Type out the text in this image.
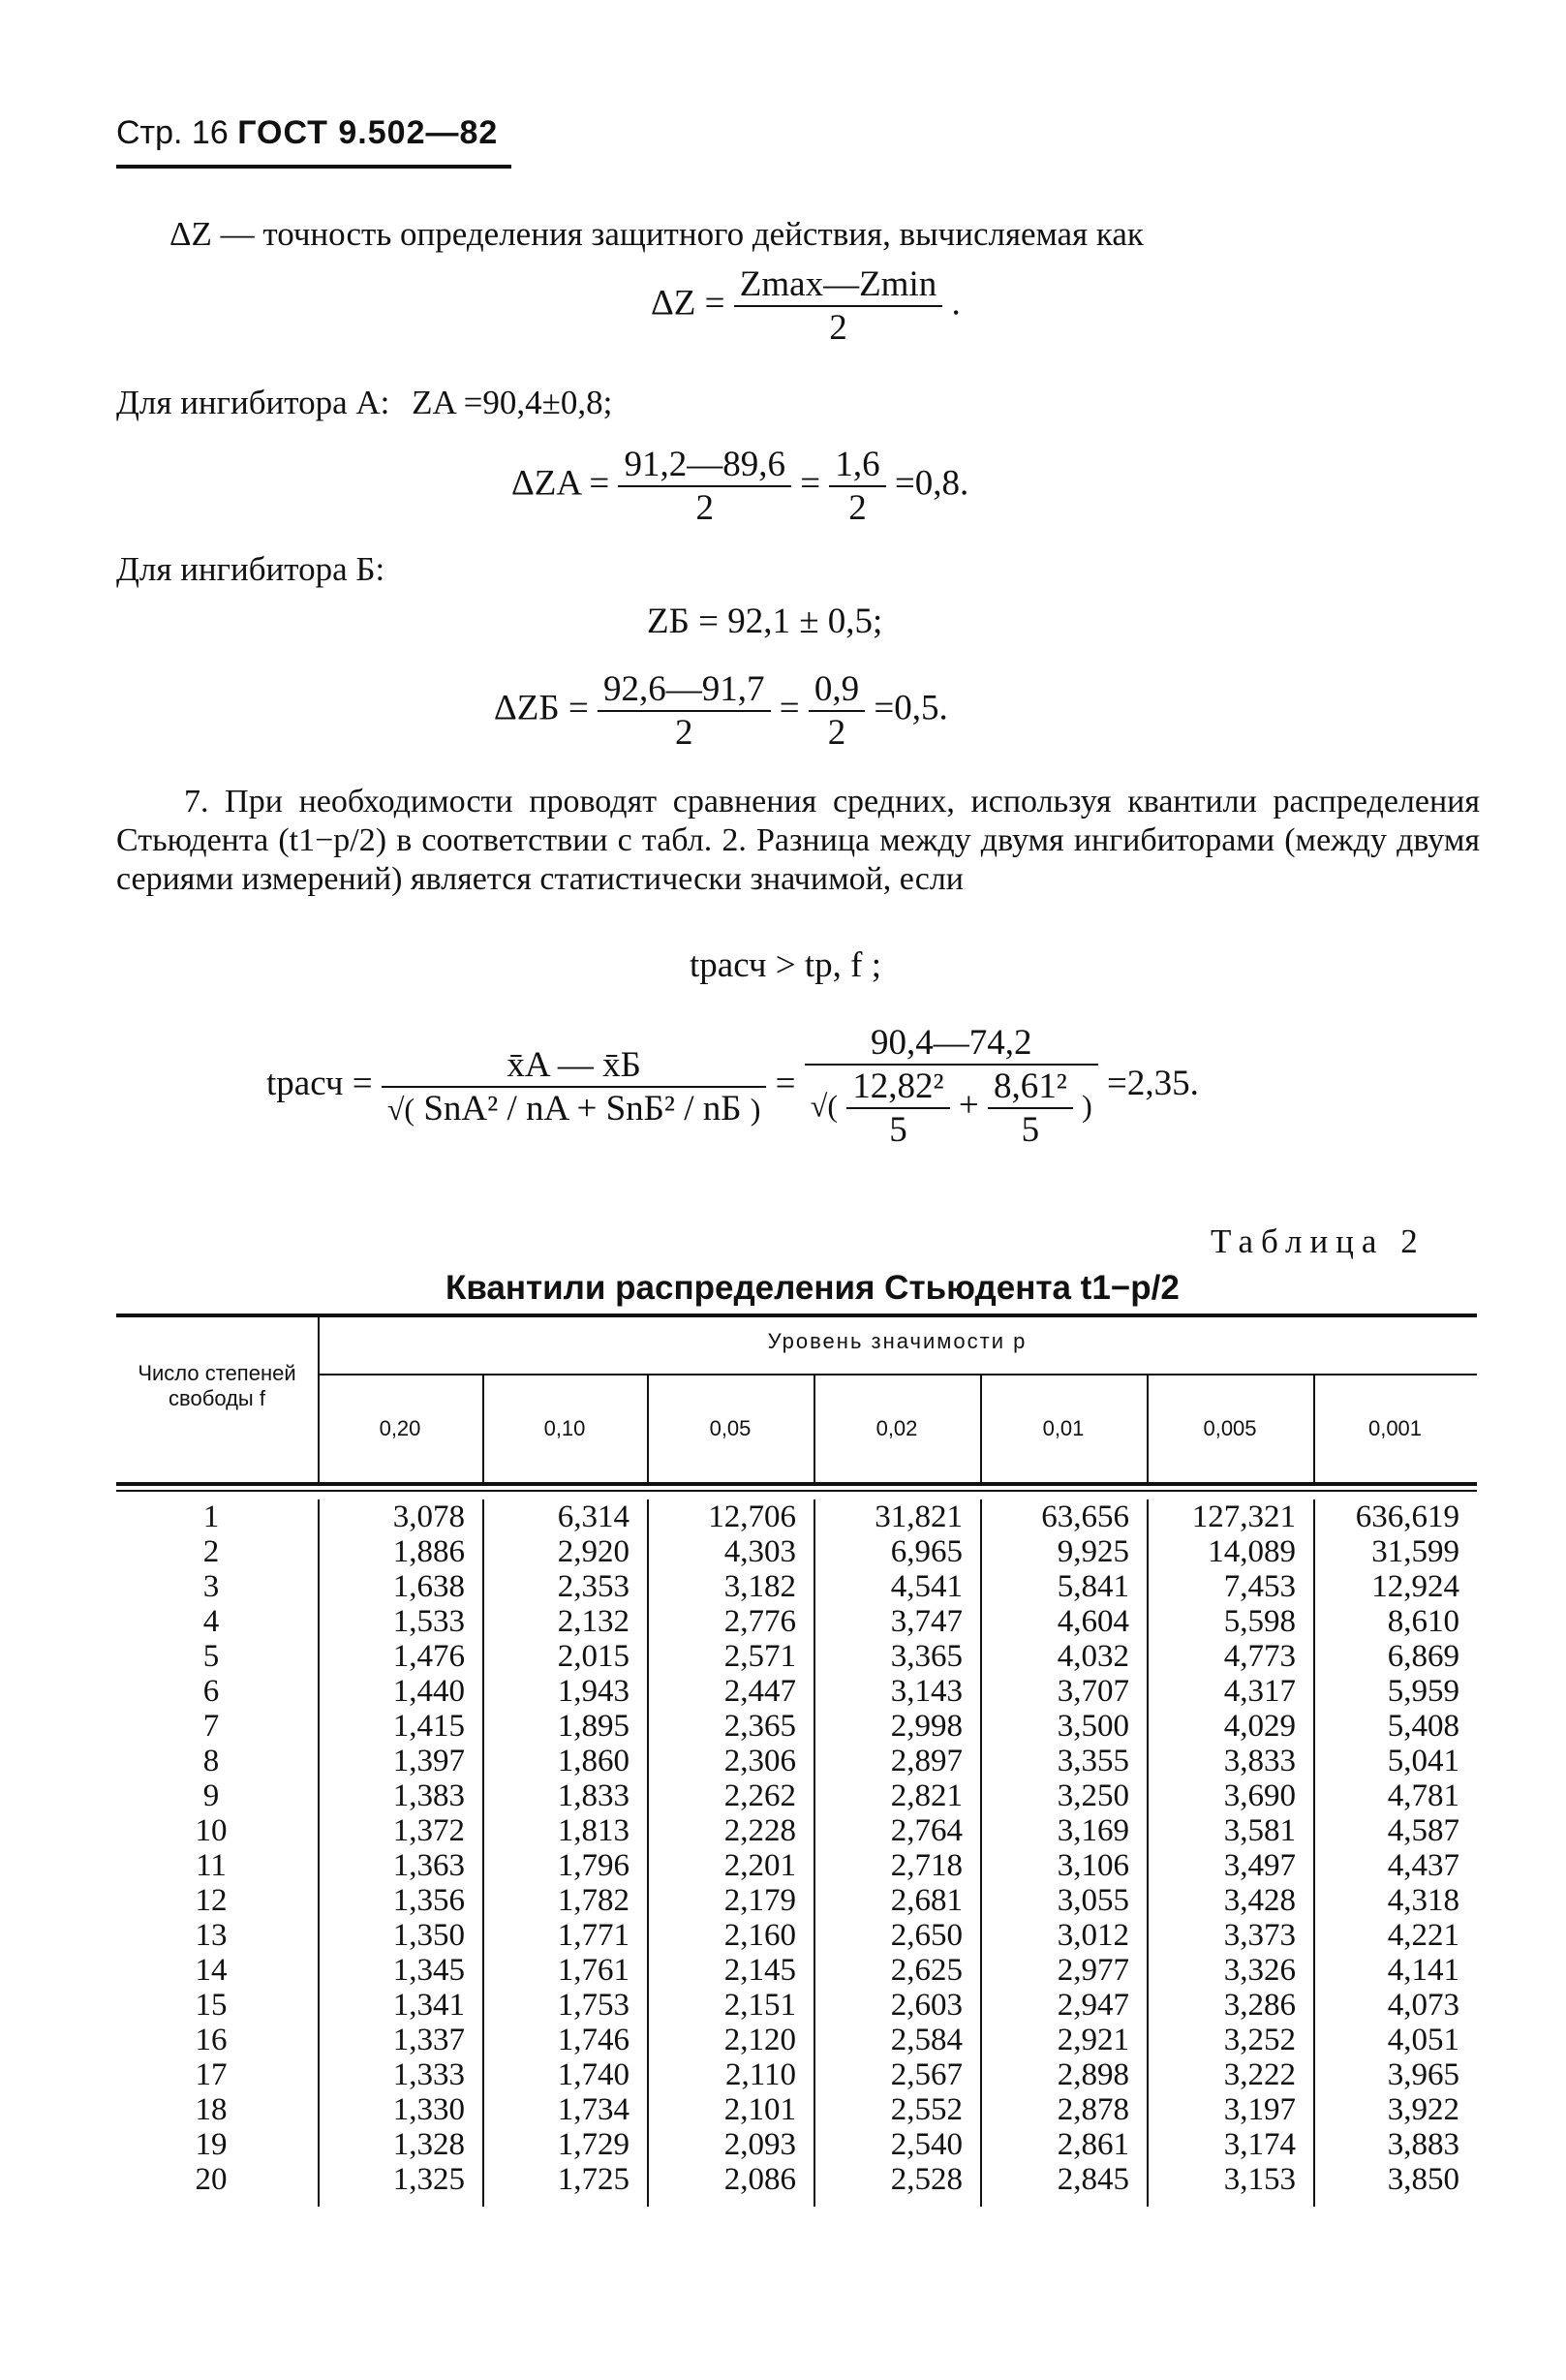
Стр. 16 ГОСТ 9.502—82
ΔZ — точность определения защитного действия, вычисляемая как
$\Delta Z = \frac{Zmax—Zmin}{2}$ .
Для ингибитора А: ZA =90,4±0,8;
$\Delta ZA = \frac{91,2—89,6}{2} = \frac{1,6}{2} =0,8$.
Для ингибитора Б:
ZБ = 92,1 ± 0,5;
$\Delta ZБ = \frac{92,6—91,7}{2} = \frac{0,9}{2} =0,5$.
7. При необходимости проводят сравнения средних, используя квантили распределения Стьюдента (t1−p/2) в соответствии с табл. 2. Разница между двумя ингибиторами (между двумя сериями измерений) является статистически значимой, если
tрасч > tp, f ;
tрасч = $\frac{x̄A — x̄Б}{\text{√( SnA² / nA + SnБ² / nБ )}}$ =
90,4—74,2
√( $\frac{\text{12,82²}}{5} + \frac{\text{8,61²}}{5}$ )
=2,35.
Таблица 2
Квантили распределения Стьюдента t1−p/2
Число степеней свободы f
Уровень значимости p
0,20	0,10	0,05	0,02	0,01	0,005	0,001
1	3,078	6,314	12,706	31,821	63,656	127,321	636,619
2	1,886	2,920	4,303	6,965	9,925	14,089	31,599
3	1,638	2,353	3,182	4,541	5,841	7,453	12,924
4	1,533	2,132	2,776	3,747	4,604	5,598	8,610
5	1,476	2,015	2,571	3,365	4,032	4,773	6,869
6	1,440	1,943	2,447	3,143	3,707	4,317	5,959
7	1,415	1,895	2,365	2,998	3,500	4,029	5,408
8	1,397	1,860	2,306	2,897	3,355	3,833	5,041
9	1,383	1,833	2,262	2,821	3,250	3,690	4,781
10	1,372	1,813	2,228	2,764	3,169	3,581	4,587
11	1,363	1,796	2,201	2,718	3,106	3,497	4,437
12	1,356	1,782	2,179	2,681	3,055	3,428	4,318
13	1,350	1,771	2,160	2,650	3,012	3,373	4,221
14	1,345	1,761	2,145	2,625	2,977	3,326	4,141
15	1,341	1,753	2,151	2,603	2,947	3,286	4,073
16	1,337	1,746	2,120	2,584	2,921	3,252	4,051
17	1,333	1,740	2,110	2,567	2,898	3,222	3,965
18	1,330	1,734	2,101	2,552	2,878	3,197	3,922
19	1,328	1,729	2,093	2,540	2,861	3,174	3,883
20	1,325	1,725	2,086	2,528	2,845	3,153	3,850
